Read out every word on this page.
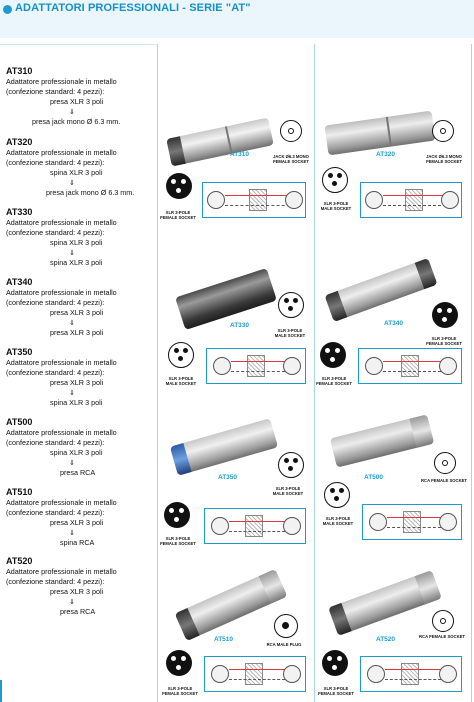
ADATTATORI PROFESSIONALI - SERIE "AT"
AT310
Adattatore professionale in metallo
(confezione standard: 4 pezzi):
presa XLR 3 poli
⇓
presa jack mono Ø 6.3 mm.
AT320
Adattatore professionale in metallo
(confezione standard: 4 pezzi):
spina XLR 3 poli
⇓
presa jack mono Ø 6.3 mm.
AT330
Adattatore professionale in metallo
(confezione standard: 4 pezzi):
spina XLR 3 poli
⇓
spina XLR 3 poli
AT340
Adattatore professionale in metallo
(confezione standard: 4 pezzi):
presa XLR 3 poli
⇓
presa XLR 3 poli
AT350
Adattatore professionale in metallo
(confezione standard: 4 pezzi):
presa XLR 3 poli
⇓
spina XLR 3 poli
AT500
Adattatore professionale in metallo
(confezione standard: 4 pezzi):
spina XLR 3 poli
⇓
presa RCA
AT510
Adattatore professionale in metallo
(confezione standard: 4 pezzi):
presa XLR 3 poli
⇓
spina RCA
AT520
Adattatore professionale in metallo
(confezione standard: 4 pezzi):
presa XLR 3 poli
⇓
presa RCA
AT310	JACK Ø6.3 MONO
FEMALE SOCKET
XLR 3-POLE
FEMALE SOCKET
AT320	JACK Ø6.3 MONO
FEMALE SOCKET
XLR 3-POLE
MALE SOCKET
AT330
XLR 3-POLE
MALE SOCKET
XLR 3-POLE
MALE SOCKET
AT340
XLR 3-POLE
FEMALE SOCKET
XLR 3-POLE
FEMALE SOCKET
AT350
XLR 3-POLE
MALE SOCKET
XLR 3-POLE
FEMALE SOCKET
AT500	RCA FEMALE SOCKET
XLR 3-POLE
MALE SOCKET
AT510
RCA MALE PLUG
XLR 3-POLE
FEMALE SOCKET
AT520	RCA FEMALE SOCKET
XLR 3-POLE
FEMALE SOCKET
